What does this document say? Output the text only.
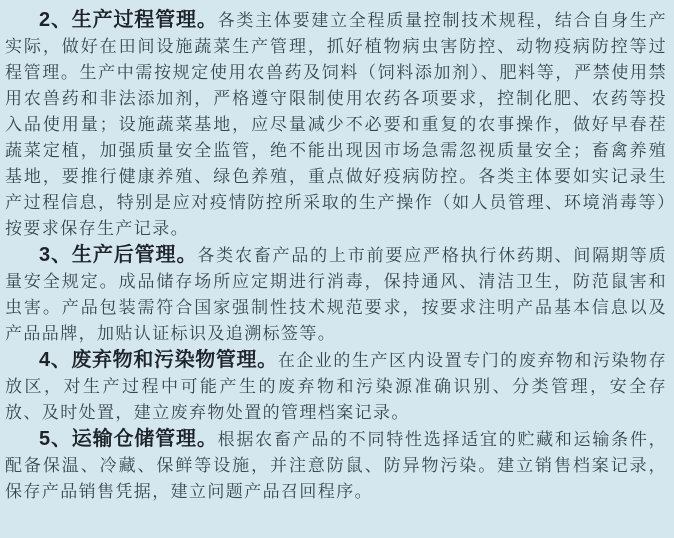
2、生产过程管理。各类主体要建立全程质量控制技术规程，结合自身生产实际，做好在田间设施蔬菜生产管理，抓好植物病虫害防控、动物疫病防控等过程管理。生产中需按规定使用农兽药及饲料（饲料添加剂）、肥料等，严禁使用禁用农兽药和非法添加剂，严格遵守限制使用农药各项要求，控制化肥、农药等投入品使用量；设施蔬菜基地，应尽量减少不必要和重复的农事操作，做好早春茬蔬菜定植，加强质量安全监管，绝不能出现因市场急需忽视质量安全；畜禽养殖基地，要推行健康养殖、绿色养殖，重点做好疫病防控。各类主体要如实记录生产过程信息，特别是应对疫情防控所采取的生产操作（如人员管理、环境消毒等）按要求保存生产记录。

3、生产后管理。各类农畜产品的上市前要应严格执行休药期、间隔期等质量安全规定。成品储存场所应定期进行消毒，保持通风、清洁卫生，防范鼠害和虫害。产品包装需符合国家强制性技术规范要求，按要求注明产品基本信息以及产品品牌，加贴认证标识及追溯标签等。

4、废弃物和污染物管理。在企业的生产区内设置专门的废弃物和污染物存放区，对生产过程中可能产生的废弃物和污染源准确识别、分类管理，安全存放、及时处置，建立废弃物处置的管理档案记录。

5、运输仓储管理。根据农畜产品的不同特性选择适宜的贮藏和运输条件，配备保温、冷藏、保鲜等设施，并注意防鼠、防异物污染。建立销售档案记录，保存产品销售凭据，建立问题产品召回程序。
